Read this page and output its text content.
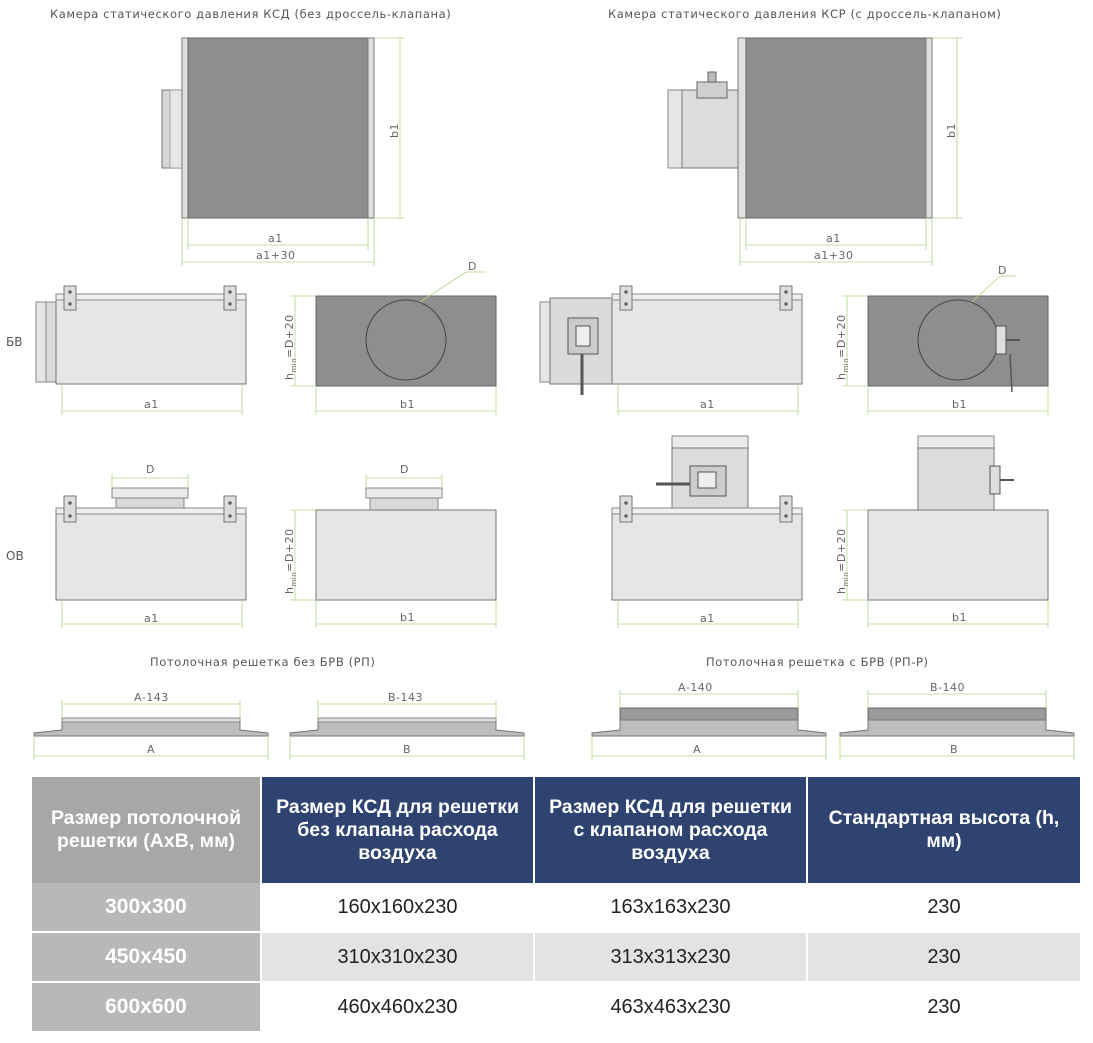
Камера статического давления КСД (без дроссель-клапана)	Камера статического давления КСР (с дроссель-клапаном)
b1
a1
a1+30
b1
a1
a1+30
БВ
ОВ
a1
D
$h_{min}=D+20$
b1	a1
D
$h_{min}=D+20$
b1
D
a1
D
$h_{min}=D+20$
b1	a1
$h_{min}=D+20$
b1
Потолочная решетка без БРВ (РП)	Потолочная решетка с БРВ (РП-Р)
A-143
A
B-143
B
A-140
A
B-140
B
Размер потолочной решетки (АхВ, мм)	Размер КСД для решетки без клапана расхода воздуха	Размер КСД для решетки с клапаном расхода воздуха	Стандартная высота (h, мм)
300x300	160х160х230	163х163х230	230
450x450	310х310х230	313х313х230	230
600x600	460х460х230	463х463х230	230
